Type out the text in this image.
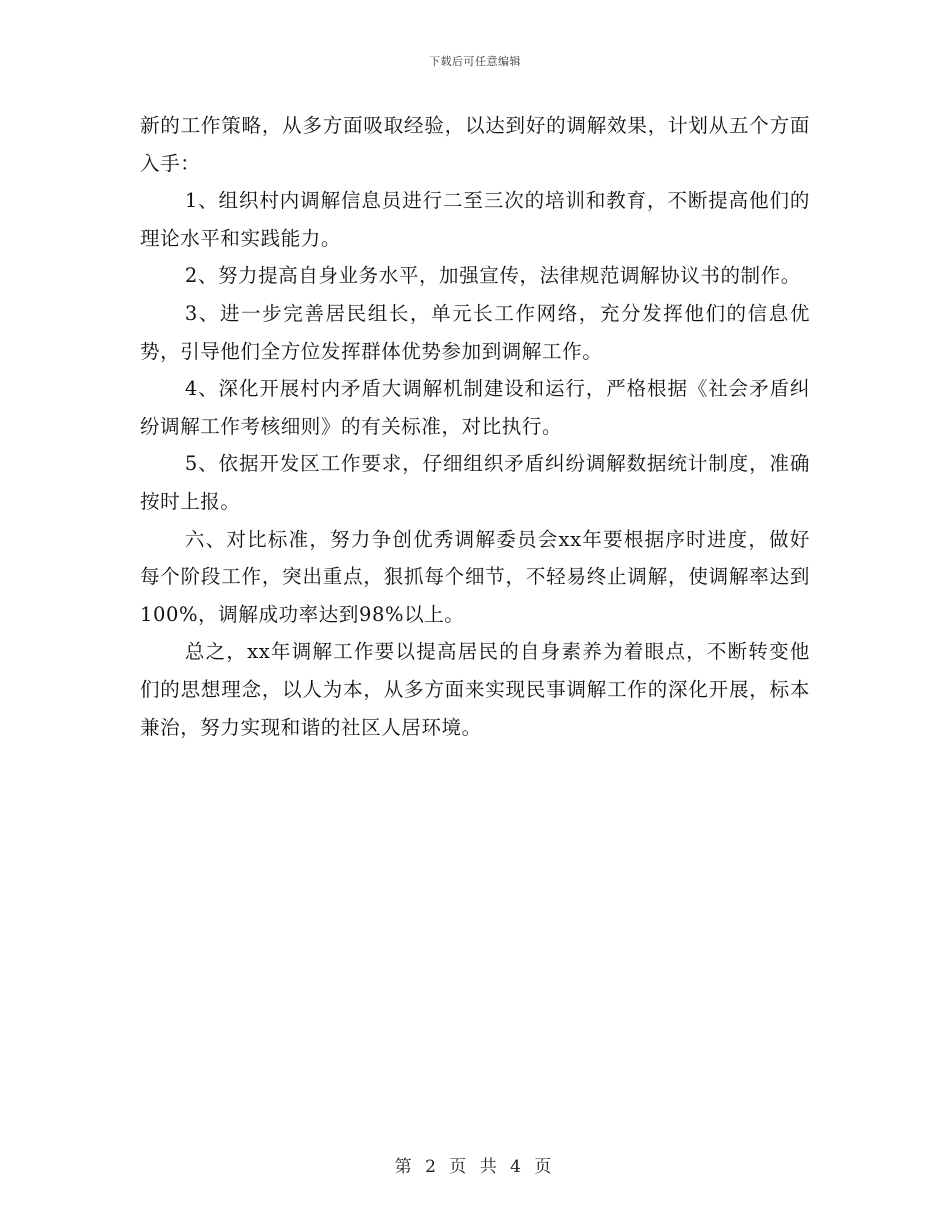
下载后可任意编辑

新的工作策略，从多方面吸取经验，以达到好的调解效果，计划从五个方面入手：

1、组织村内调解信息员进行二至三次的培训和教育，不断提高他们的理论水平和实践能力。

2、努力提高自身业务水平，加强宣传，法律规范调解协议书的制作。

3、进一步完善居民组长，单元长工作网络，充分发挥他们的信息优势，引导他们全方位发挥群体优势参加到调解工作。

4、深化开展村内矛盾大调解机制建设和运行，严格根据《社会矛盾纠纷调解工作考核细则》的有关标准，对比执行。

5、依据开发区工作要求，仔细组织矛盾纠纷调解数据统计制度，准确按时上报。

六、对比标准，努力争创优秀调解委员会xx年要根据序时进度，做好每个阶段工作，突出重点，狠抓每个细节，不轻易终止调解，使调解率达到100%，调解成功率达到98%以上。

总之，xx年调解工作要以提高居民的自身素养为着眼点，不断转变他们的思想理念，以人为本，从多方面来实现民事调解工作的深化开展，标本兼治，努力实现和谐的社区人居环境。

第 2 页 共 4 页
